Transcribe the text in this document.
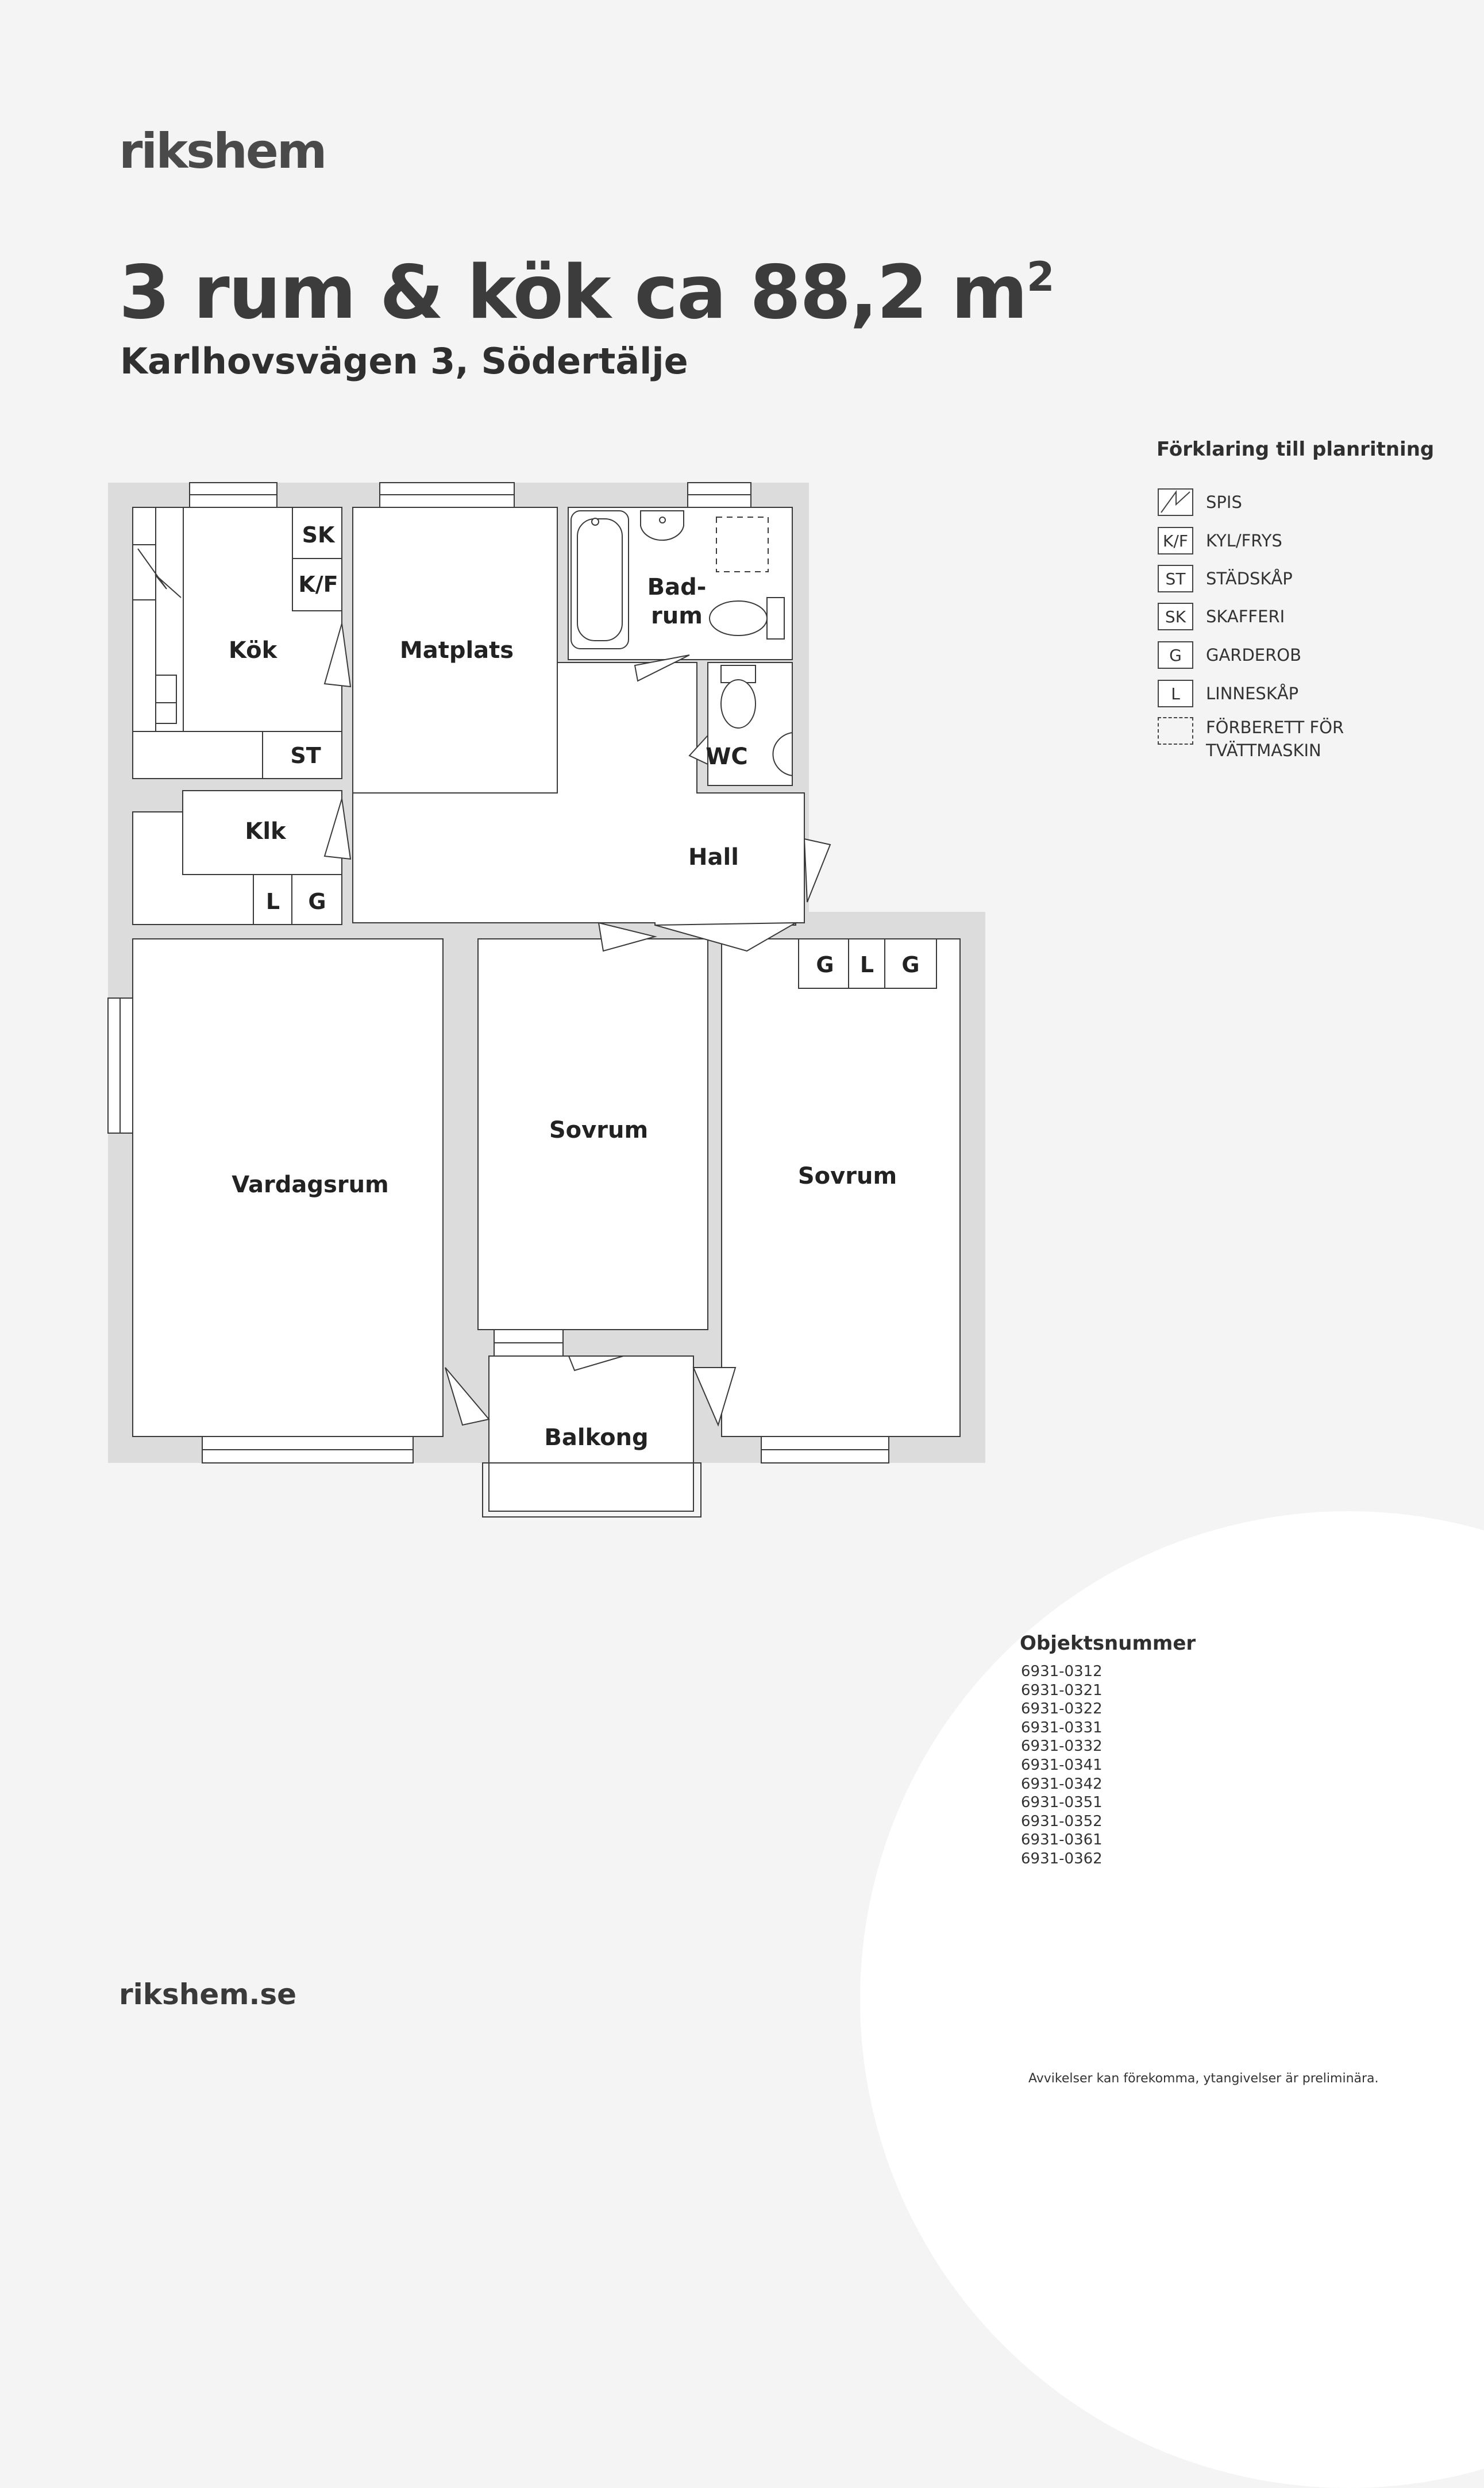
rikshem
3 rum & kök ca 88,2 $m^2$
Karlhovsvägen 3, Södertälje
Förklaring till planritning
SPIS
K/F	KYL/FRYS
ST	STÄDSKÅP
SK	SKAFFERI
G	GARDEROB
L	LINNESKÅP
FÖRBERETT FÖR
TVÄTTMASKIN
Kök	Matplats
Bad-
rum
WC
Klk
Hall
Vardagsrum
Sovrum
Sovrum
Balkong
SK
K/F
ST
L G
G L G
Objektsnummer
6931-0312
6931-0321
6931-0322
6931-0331
6931-0332
6931-0341
6931-0342
6931-0351
6931-0352
6931-0361
6931-0362
rikshem.se
Avvikelser kan förekomma, ytangivelser är preliminära.
